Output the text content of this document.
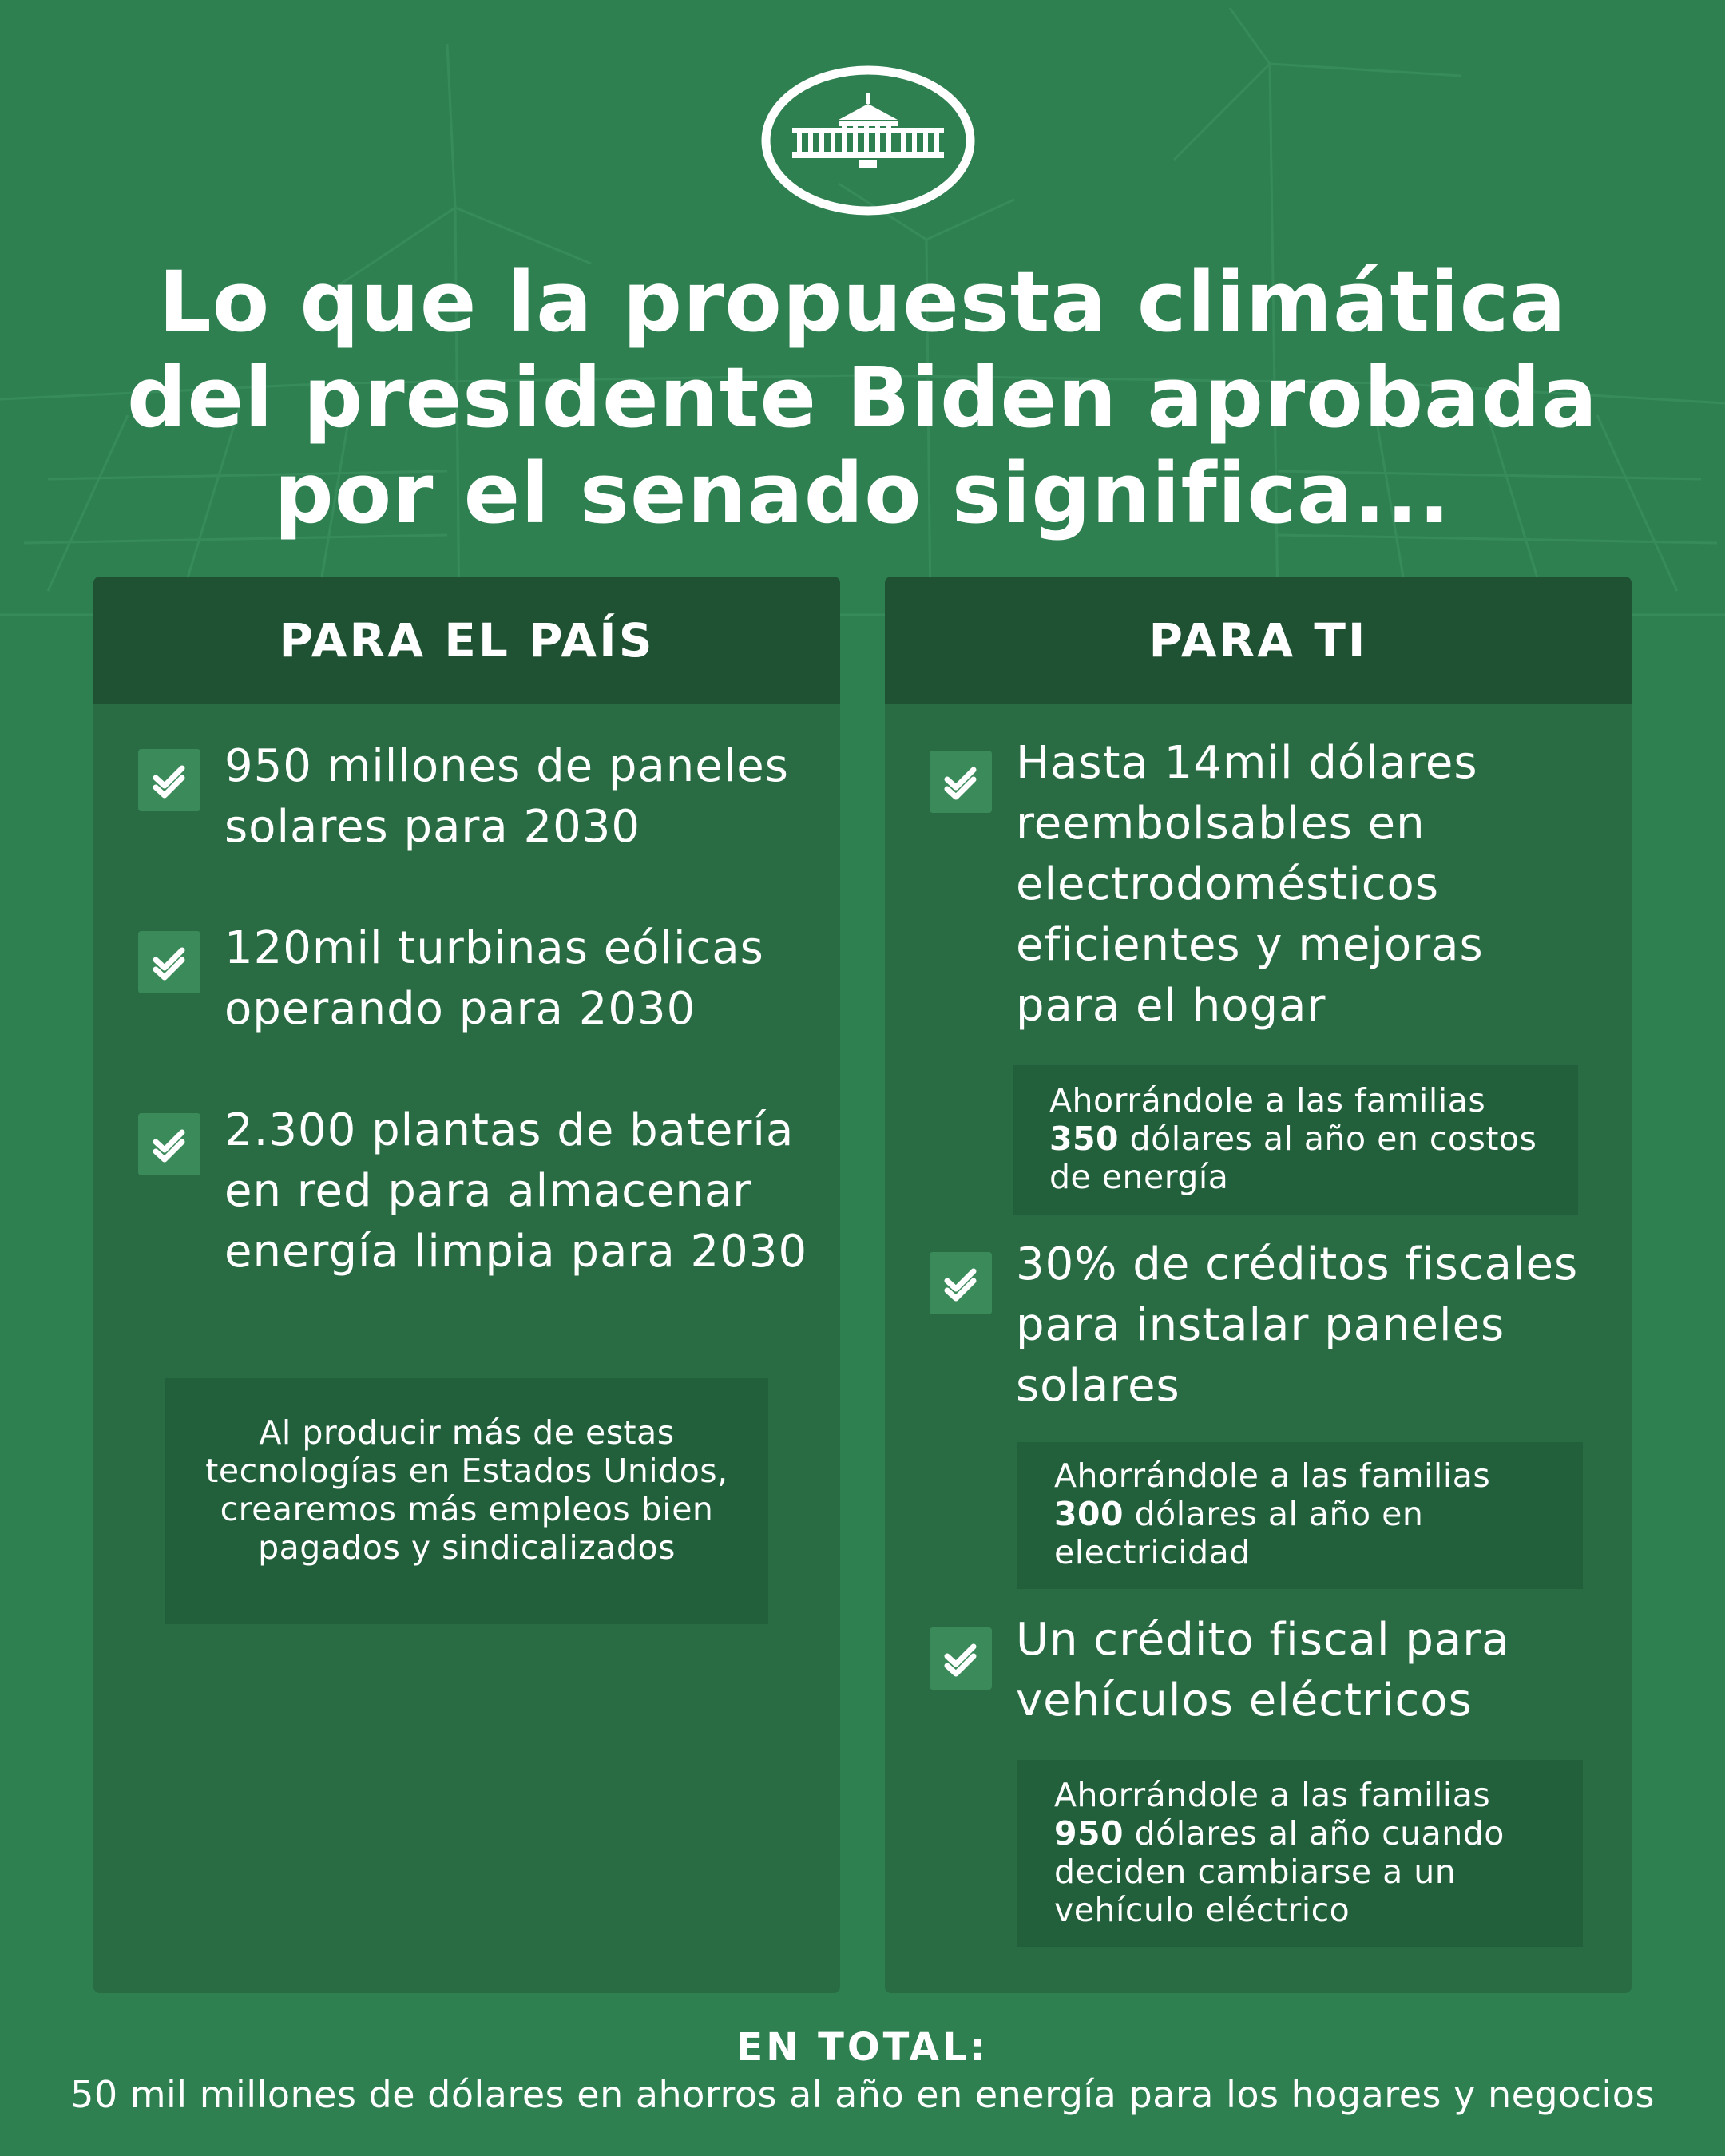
Lo que la propuesta climática
del presidente Biden aprobada
por el senado significa...
PARA EL PAÍS
950 millones de paneles solares para 2030
120mil turbinas eólicas operando para 2030
2.300 plantas de batería en red para almacenar energía limpia para 2030
Al producir más de estas tecnologías en Estados Unidos, crearemos más empleos bien pagados y sindicalizados
PARA TI
Hasta 14mil dólares reembolsables en electrodomésticos eficientes y mejoras para el hogar
Ahorrándole a las familias
350 dólares al año en costos de energía
30% de créditos fiscales para instalar paneles solares
Ahorrándole a las familias
300 dólares al año en electricidad
Un crédito fiscal para vehículos eléctricos
Ahorrándole a las familias
950 dólares al año cuando deciden cambiarse a un vehículo eléctrico
EN TOTAL:
50 mil millones de dólares en ahorros al año en energía para los hogares y negocios
